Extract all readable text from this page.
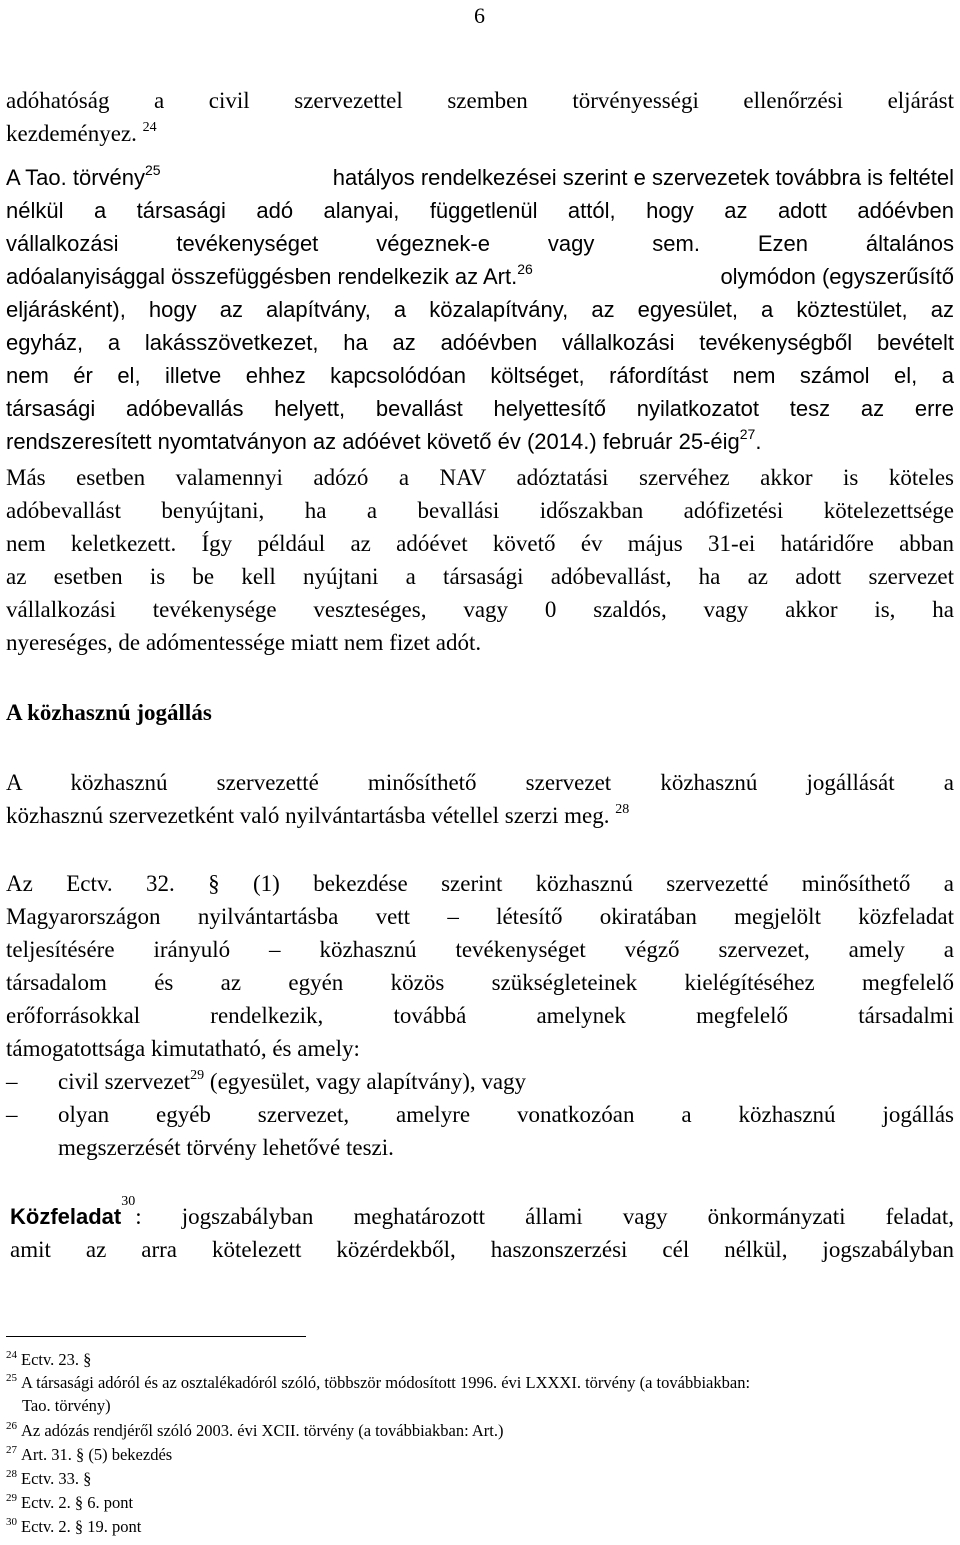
6
adóhatóság a civil szervezettel szemben törvényességi ellenőrzési eljárást
kezdeményez. $^{24}$
A Tao. törvény$^{25}$	hatályos rendelkezései szerint e szervezetek továbbra is feltétel
nélkül a társasági adó alanyai, függetlenül attól, hogy az adott adóévben
vállalkozási tevékenységet végeznek-e vagy sem. Ezen általános
adóalanyisággal összefüggésben rendelkezik az Art.$^{26}$	olymódon (egyszerűsítő
eljárásként), hogy az alapítvány, a közalapítvány, az egyesület, a köztestület, az
egyház, a lakásszövetkezet, ha az adóévben vállalkozási tevékenységből bevételt
nem ér el, illetve ehhez kapcsolódóan költséget, ráfordítást nem számol el, a
társasági adóbevallás helyett, bevallást helyettesítő nyilatkozatot tesz az erre
rendszeresített nyomtatványon az adóévet követő év (2014.) február 25-éig$^{27}$.
Más esetben valamennyi adózó a NAV adóztatási szervéhez akkor is köteles
adóbevallást benyújtani, ha a bevallási időszakban adófizetési kötelezettsége
nem keletkezett. Így például az adóévet követő év május 31-ei határidőre abban
az esetben is be kell nyújtani a társasági adóbevallást, ha az adott szervezet
vállalkozási tevékenysége veszteséges, vagy 0 szaldós, vagy akkor is, ha
nyereséges, de adómentessége miatt nem fizet adót.
A közhasznú jogállás
A közhasznú szervezetté minősíthető szervezet közhasznú jogállását a
közhasznú szervezetként való nyilvántartásba vétellel szerzi meg. $^{28}$
Az Ectv. 32. § (1) bekezdése szerint közhasznú szervezetté minősíthető a
Magyarországon nyilvántartásba vett – létesítő okiratában megjelölt közfeladat
teljesítésére irányuló – közhasznú tevékenységet végző szervezet, amely a
társadalom és az egyén közös szükségleteinek kielégítéséhez megfelelő
erőforrásokkal rendelkezik, továbbá amelynek megfelelő társadalmi
támogatottsága kimutatható, és amely:
–	civil szervezet$^{29}$ (egyesület, vagy alapítvány), vagy
–	olyan egyéb szervezet, amelyre vonatkozóan a közhasznú jogállás
megszerzését törvény lehetővé teszi.
Közfeladat
30
: jogszabályban meghatározott állami vagy önkormányzati feladat,
amit az arra kötelezett közérdekből, haszonszerzési cél nélkül, jogszabályban
$^{24}$ Ectv. 23. §
$^{25}$ A társasági adóról és az osztalékadóról szóló, többször módosított 1996. évi LXXXI. törvény (a továbbiakban:
Tao. törvény)
$^{26}$ Az adózás rendjéről szóló 2003. évi XCII. törvény (a továbbiakban: Art.)
$^{27}$ Art. 31. § (5) bekezdés
$^{28}$ Ectv. 33. §
$^{29}$ Ectv. 2. § 6. pont
$^{30}$ Ectv. 2. § 19. pont
